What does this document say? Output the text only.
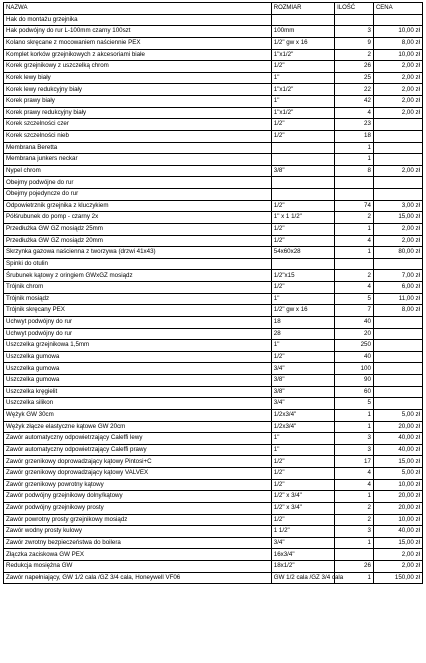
NAZWA	ROZMIAR	ILOŚĆ	CENA
Hak do montażu grzejnika			
Hak podwójny do rur L-100mm czarny 100szt	100mm	3	10,00 zł
Kolano skręcane z mocowaniem naściennie PEX	1/2" gw x 16	9	8,00 zł
Komplet korków grzejnikowych z akcesoriami białe	1"x1/2"	2	10,00 zł
Korek grzejnikowy z uszczelką chrom	1/2"	26	2,00 zł
Korek lewy biały	1"	25	2,00 zł
Korek lewy redukcyjny biały	1"x1/2"	22	2,00 zł
Korek prawy biały	1"	42	2,00 zł
Korek prawy redukcyjny biały	1"x1/2"	4	2,00 zł
Korek szczelności czer	1/2"	23	
Korek szczelności nieb	1/2"	18	
Membrana Beretta		1	
Membrana junkers neckar		1	
Nypel chrom	3/8"	8	2,00 zł
Obejmy podwójne do rur			
Obejmy pojedyncze do rur			
Odpowietrznik grzejnika z kluczykiem	1/2"	74	3,00 zł
Półśrubunek do pomp - czarny 2x	1" x 1 1/2"	2	15,00 zł
Przedłużka GW GZ mosiądz 25mm	1/2"	1	2,00 zł
Przedłużka GW GZ mosiądz 20mm	1/2"	4	2,00 zł
Skrzynka gazowa naścienna z tworzywa (drzwi 41x43)	54x60x28	1	80,00 zł
Spinki do otulin			
Śrubunek kątowy z oringiem GWxGZ mosiądz	1/2"x15	2	7,00 zł
Trójnik chrom	1/2"	4	6,00 zł
Trójnik mosiądz	1"	5	11,00 zł
Trójnik skręcany PEX	1/2" gw x 16	7	8,00 zł
Uchwyt podwójny do rur	18	40	
Uchwyt podwójny do rur	28	20	
Uszczelka grzejnikowa 1,5mm	1"	250	
Uszczelka gumowa	1/2"	40	
Uszczelka gumowa	3/4"	100	
Uszczelka gumowa	3/8"	90	
Uszczelka kręgielit	3/8"	60	
Uszczelka silikon	3/4"	5	
Wężyk GW 30cm	1/2x3/4"	1	5,00 zł
Wężyk złącze elastyczne kątowe GW 20cm	1/2x3/4"	1	20,00 zł
Zawór automatyczny odpowietrzający Caleffi lewy	1"	3	40,00 zł
Zawór automatyczny odpowietrzający Caleffi prawy	1"	3	40,00 zł
Zawór grzenikowy doprowadzający kątowy Pintosi+C	1/2"	17	15,00 zł
Zawór grzenikowy doprowadzający kątowy VALVEX	1/2"	4	5,00 zł
Zawór grzenikowy powrotny kątowy	1/2"	4	10,00 zł
Zawór podwójny grzejnikowy dolny/kątowy	1/2" x 3/4"	1	20,00 zł
Zawór podwójny grzejnikowy prosty	1/2" x 3/4"	2	20,00 zł
Zawór powrotny prosty grzejnikowy mosiądz	1/2"	2	10,00 zł
Zawór wodny prosty kulowy	1 1/2"	3	40,00 zł
Zawór zwrotny bezpieczeństwa do boilera	3/4"	1	15,00 zł
Złączka zaciskowa GW PEX	16x3/4"		2,00 zł
Redukcja mosiężna GW	18x1/2"	26	2,00 zł
Zawór napełniający, GW 1/2 cala /GZ 3/4 cala, Honeywell VF06	GW 1/2 cala /GZ 3/4 cala	1	150,00 zł
